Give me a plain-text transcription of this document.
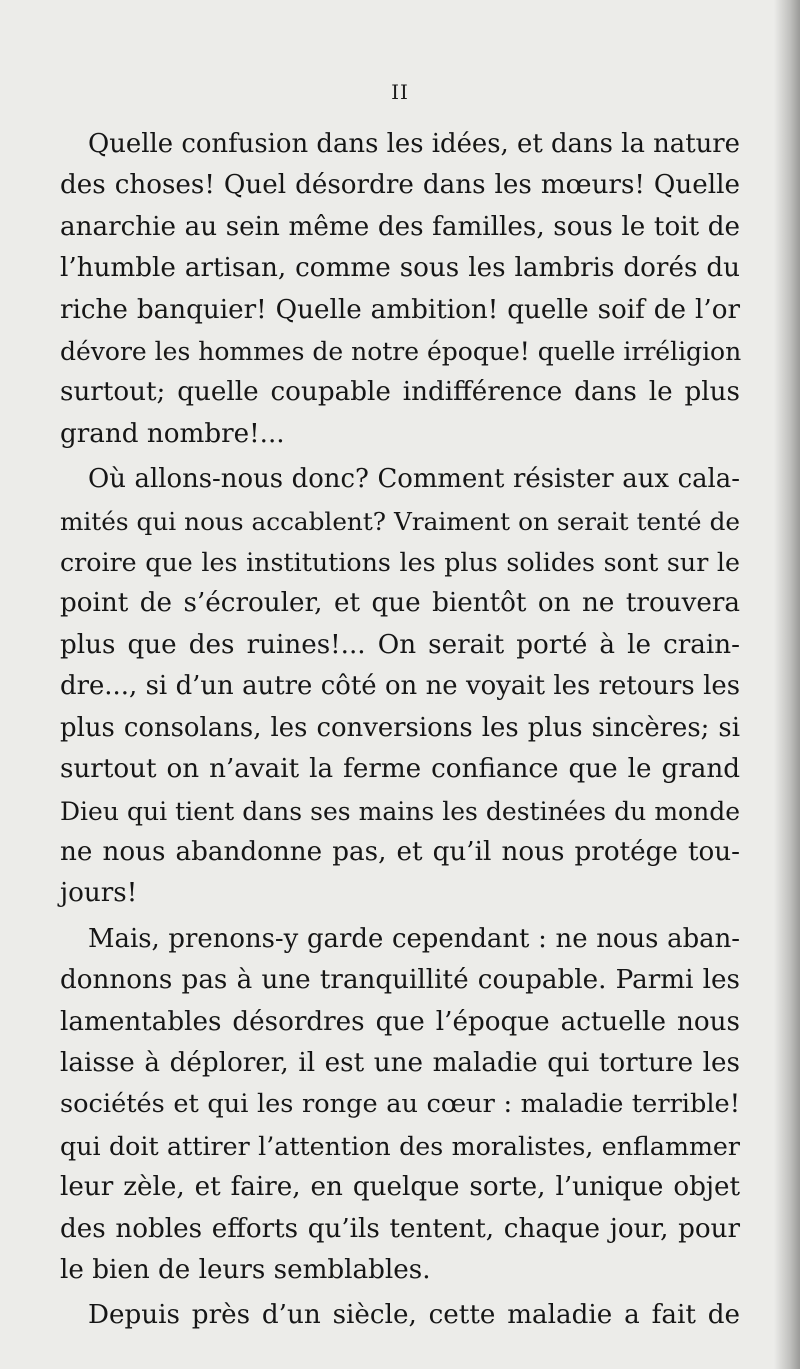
II
Quelle confusion dans les idées, et dans la nature
des choses! Quel désordre dans les mœurs! Quelle
anarchie au sein même des familles, sous le toit de
l’humble artisan, comme sous les lambris dorés du
riche banquier! Quelle ambition! quelle soif de l’or
dévore les hommes de notre époque! quelle irréligion
surtout; quelle coupable indifférence dans le plus
grand nombre!...
Où allons-nous donc? Comment résister aux cala-
mités qui nous accablent? Vraiment on serait tenté de
croire que les institutions les plus solides sont sur le
point de s’écrouler, et que bientôt on ne trouvera
plus que des ruines!... On serait porté à le crain-
dre..., si d’un autre côté on ne voyait les retours les
plus consolans, les conversions les plus sincères; si
surtout on n’avait la ferme confiance que le grand
Dieu qui tient dans ses mains les destinées du monde
ne nous abandonne pas, et qu’il nous protége tou-
jours!
Mais, prenons-y garde cependant : ne nous aban-
donnons pas à une tranquillité coupable. Parmi les
lamentables désordres que l’époque actuelle nous
laisse à déplorer, il est une maladie qui torture les
sociétés et qui les ronge au cœur : maladie terrible!
qui doit attirer l’attention des moralistes, enflammer
leur zèle, et faire, en quelque sorte, l’unique objet
des nobles efforts qu’ils tentent, chaque jour, pour
le bien de leurs semblables.
Depuis près d’un siècle, cette maladie a fait de
